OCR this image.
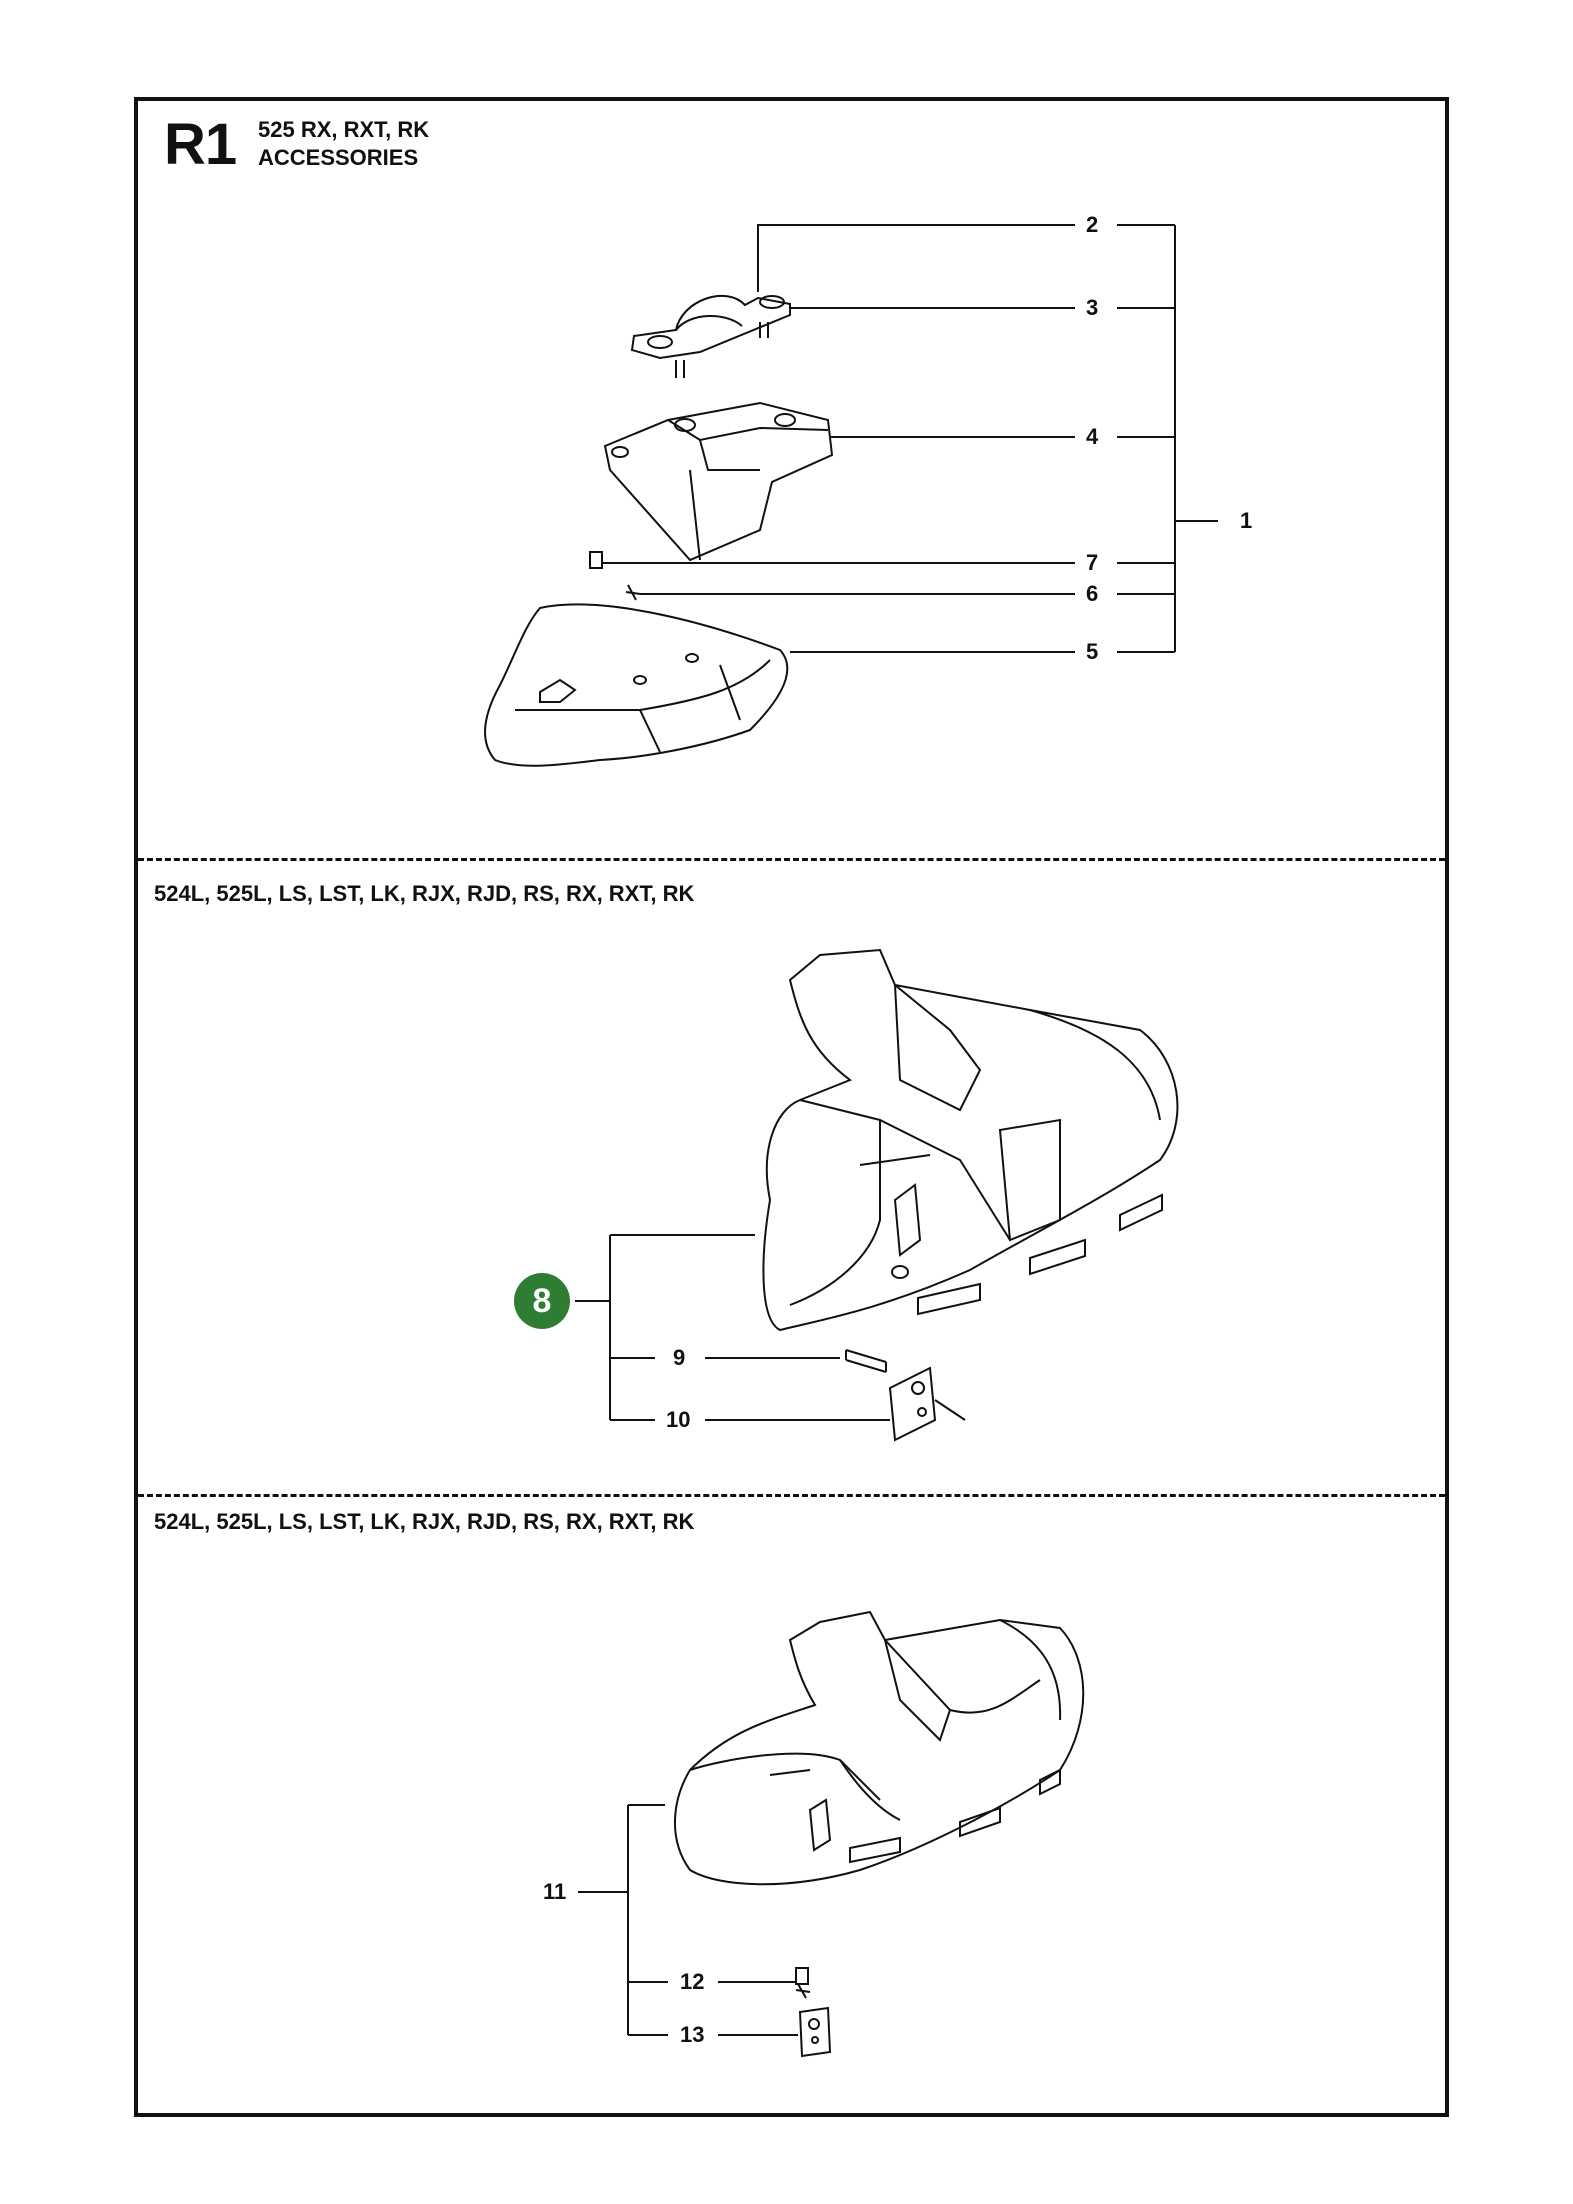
R1 525 RX, RXT, RK
ACCESSORIES
524L, 525L, LS, LST, LK, RJX, RJD, RS, RX, RXT, RK
524L, 525L, LS, LST, LK, RJX, RJD, RS, RX, RXT, RK
8
1
2
3
4
5
6
7
9
10
11
12
13
